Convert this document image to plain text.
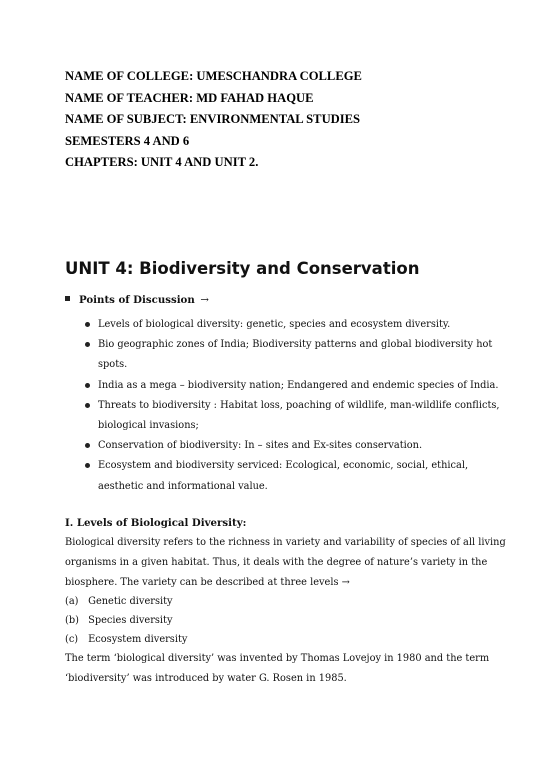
NAME OF COLLEGE: UMESCHANDRA COLLEGE
NAME OF TEACHER: MD FAHAD HAQUE
NAME OF SUBJECT: ENVIRONMENTAL STUDIES
SEMESTERS 4 AND 6
CHAPTERS: UNIT 4 AND UNIT 2.
UNIT 4: Biodiversity and Conservation
Points of Discussion →
Levels of biological diversity: genetic, species and ecosystem diversity.
Bio geographic zones of India; Biodiversity patterns and global biodiversity hot spots.
India as a mega – biodiversity nation; Endangered and endemic species of India.
Threats to biodiversity : Habitat loss, poaching of wildlife, man-wildlife conflicts, biological invasions;
Conservation of biodiversity: In – sites and Ex-sites conservation.
Ecosystem and biodiversity serviced: Ecological, economic, social, ethical, aesthetic and informational value.
I. Levels of Biological Diversity:
Biological diversity refers to the richness in variety and variability of species of all living organisms in a given habitat. Thus, it deals with the degree of nature’s variety in the biosphere. The variety can be described at three levels →
(a) Genetic diversity
(b) Species diversity
(c) Ecosystem diversity
The term ‘biological diversity’ was invented by Thomas Lovejoy in 1980 and the term ‘biodiversity’ was introduced by water G. Rosen in 1985.
